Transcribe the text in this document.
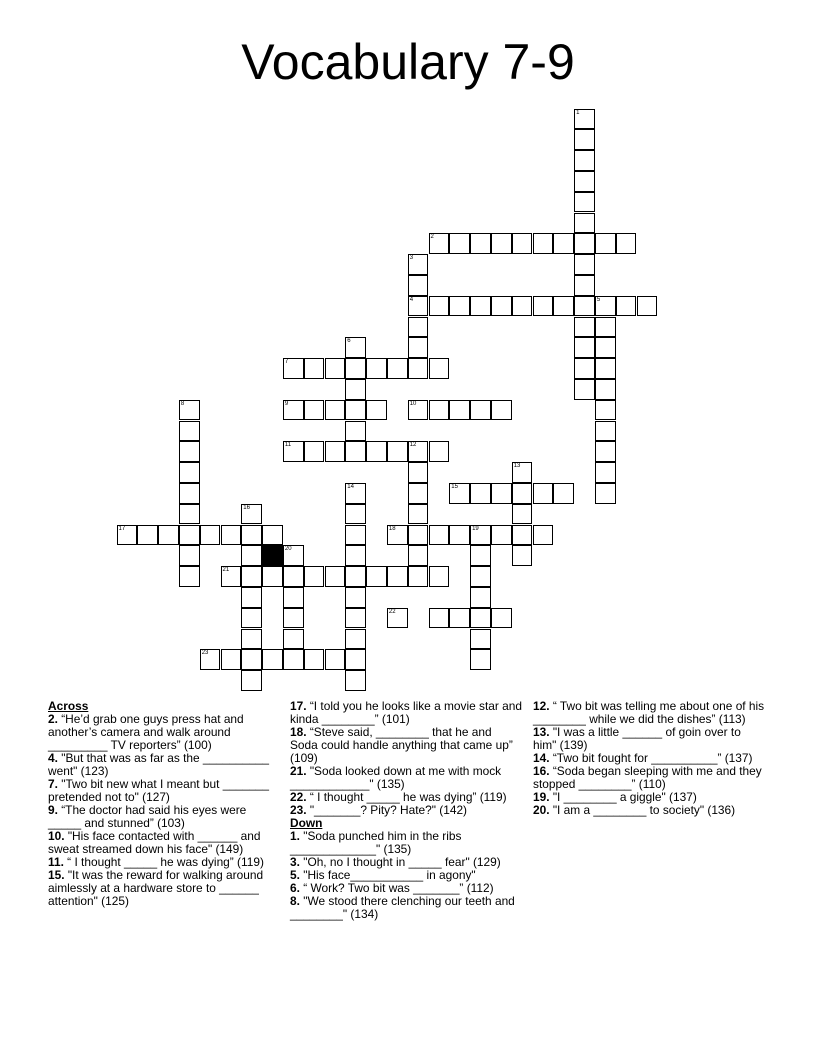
Vocabulary 7-9
1
2
3
4	5
6
7
8	9	10
11	12
13
14	15
16
17	18	19
20
21
22
23

Across

2. “He’d grab one guys press hat and another’s camera and walk around _________ TV reporters” (100)

4. "But that was as far as the __________ went" (123)

7. "Two bit new what I meant but _______ pretended not to" (127)

9. “The doctor had said his eyes were _____ and stunned” (103)

10. "His face contacted with ______ and sweat streamed down his face" (149)

11. “ I thought _____ he was dying” (119)

15. "It was the reward for walking around aimlessly at a hardware store to ______ attention" (125)

17. “I told you he looks like a movie star and kinda ________” (101)

18. “Steve said, ________ that he and Soda could handle anything that came up” (109)

21. "Soda looked down at me with mock ____________" (135)

22. “ I thought _____ he was dying” (119)

23. "_______? Pity? Hate?" (142)

Down

1. "Soda punched him in the ribs _____________" (135)

3. "Oh, no I thought in _____ fear" (129)

5. "His face___________ in agony"

6. “ Work? Two bit was _______” (112)

8. "We stood there clenching our teeth and ________" (134)

12. “ Two bit was telling me about one of his ________ while we did the dishes” (113)

13. "I was a little ______ of goin over to him" (139)

14. “Two bit fought for __________” (137)

16. “Soda began sleeping with me and they stopped ________” (110)

19. "I ________ a giggle" (137)

20. "I am a ________ to society" (136)
